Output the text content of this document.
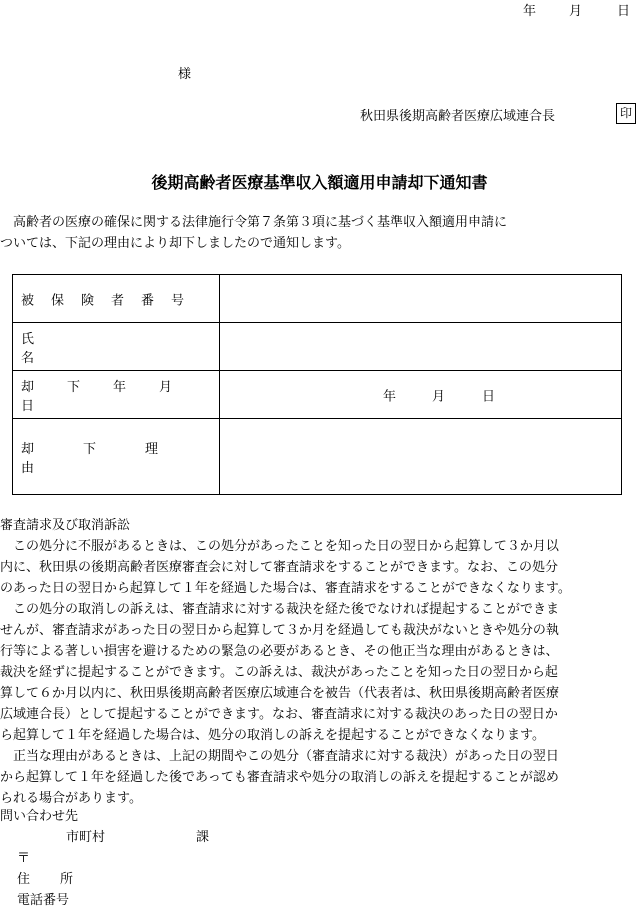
年	月	日
様
秋田県後期高齢者医療広域連合長	印
後期高齢者医療基準収入額適用申請却下通知書

　高齢者の医療の確保に関する法律施行令第７条第３項に基づく基準収入額適用申請に

ついては、下記の理由により却下しましたので通知します。

被保険者番号	

氏名	

却下年月日	年 月 日

却下理由	

審査請求及び取消訴訟

　この処分に不服があるときは、この処分があったことを知った日の翌日から起算して３か月以

内に、秋田県の後期高齢者医療審査会に対して審査請求をすることができます。なお、この処分

のあった日の翌日から起算して１年を経過した場合は、審査請求をすることができなくなります。

　この処分の取消しの訴えは、審査請求に対する裁決を経た後でなければ提起することができま

せんが、審査請求があった日の翌日から起算して３か月を経過しても裁決がないときや処分の執

行等による著しい損害を避けるための緊急の必要があるとき、その他正当な理由があるときは、

裁決を経ずに提起することができます。この訴えは、裁決があったことを知った日の翌日から起

算して６か月以内に、秋田県後期高齢者医療広域連合を被告（代表者は、秋田県後期高齢者医療

広域連合長）として提起することができます。なお、審査請求に対する裁決のあった日の翌日か

ら起算して１年を経過した場合は、処分の取消しの訴えを提起することができなくなります。

　正当な理由があるときは、上記の期間やこの処分（審査請求に対する裁決）があった日の翌日

から起算して１年を経過した後であっても審査請求や処分の取消しの訴えを提起することが認め

られる場合があります。

問い合わせ先
市町村	課
〒
住所
電話番号
